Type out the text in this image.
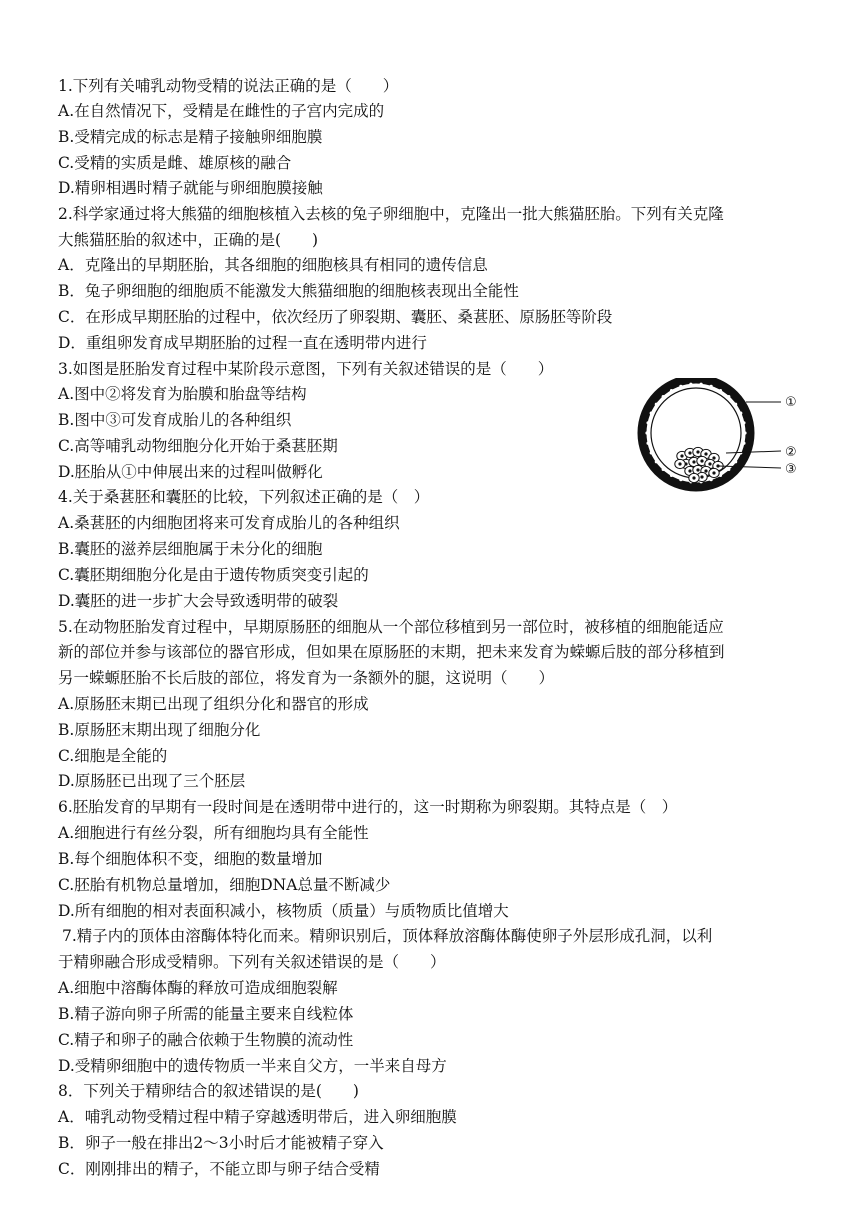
1.下列有关哺乳动物受精的说法正确的是（　　）
A.在自然情况下，受精是在雌性的子宫内完成的
B.受精完成的标志是精子接触卵细胞膜
C.受精的实质是雌、雄原核的融合
D.精卵相遇时精子就能与卵细胞膜接触
2.科学家通过将大熊猫的细胞核植入去核的兔子卵细胞中，克隆出一批大熊猫胚胎。下列有关克隆
大熊猫胚胎的叙述中，正确的是(　　)
A．克隆出的早期胚胎，其各细胞的细胞核具有相同的遗传信息
B．兔子卵细胞的细胞质不能激发大熊猫细胞的细胞核表现出全能性
C．在形成早期胚胎的过程中，依次经历了卵裂期、囊胚、桑葚胚、原肠胚等阶段
D．重组卵发育成早期胚胎的过程一直在透明带内进行
3.如图是胚胎发育过程中某阶段示意图，下列有关叙述错误的是（　　）
A.图中②将发育为胎膜和胎盘等结构
B.图中③可发育成胎儿的各种组织
C.高等哺乳动物细胞分化开始于桑葚胚期
D.胚胎从①中伸展出来的过程叫做孵化
4.关于桑葚胚和囊胚的比较，下列叙述正确的是（　）
A.桑葚胚的内细胞团将来可发育成胎儿的各种组织
B.囊胚的滋养层细胞属于未分化的细胞
C.囊胚期细胞分化是由于遗传物质突变引起的
D.囊胚的进一步扩大会导致透明带的破裂
5.在动物胚胎发育过程中，早期原肠胚的细胞从一个部位移植到另一部位时，被移植的细胞能适应
新的部位并参与该部位的器官形成，但如果在原肠胚的末期，把未来发育为蝾螈后肢的部分移植到
另一蝾螈胚胎不长后肢的部位，将发育为一条额外的腿，这说明（　　）
A.原肠胚末期已出现了组织分化和器官的形成
B.原肠胚末期出现了细胞分化
C.细胞是全能的
D.原肠胚已出现了三个胚层
6.胚胎发育的早期有一段时间是在透明带中进行的，这一时期称为卵裂期。其特点是（　）
A.细胞进行有丝分裂，所有细胞均具有全能性
B.每个细胞体积不变，细胞的数量增加
C.胚胎有机物总量增加，细胞DNA总量不断减少
D.所有细胞的相对表面积减小，核物质（质量）与质物质比值增大
7.精子内的顶体由溶酶体特化而来。精卵识别后，顶体释放溶酶体酶使卵子外层形成孔洞，以利
于精卵融合形成受精卵。下列有关叙述错误的是（　　）
A.细胞中溶酶体酶的释放可造成细胞裂解
B.精子游向卵子所需的能量主要来自线粒体
C.精子和卵子的融合依赖于生物膜的流动性
D.受精卵细胞中的遗传物质一半来自父方，一半来自母方
8．下列关于精卵结合的叙述错误的是(　　)
A．哺乳动物受精过程中精子穿越透明带后，进入卵细胞膜
B．卵子一般在排出2～3小时后才能被精子穿入
C．刚刚排出的精子，不能立即与卵子结合受精
①
②
③
